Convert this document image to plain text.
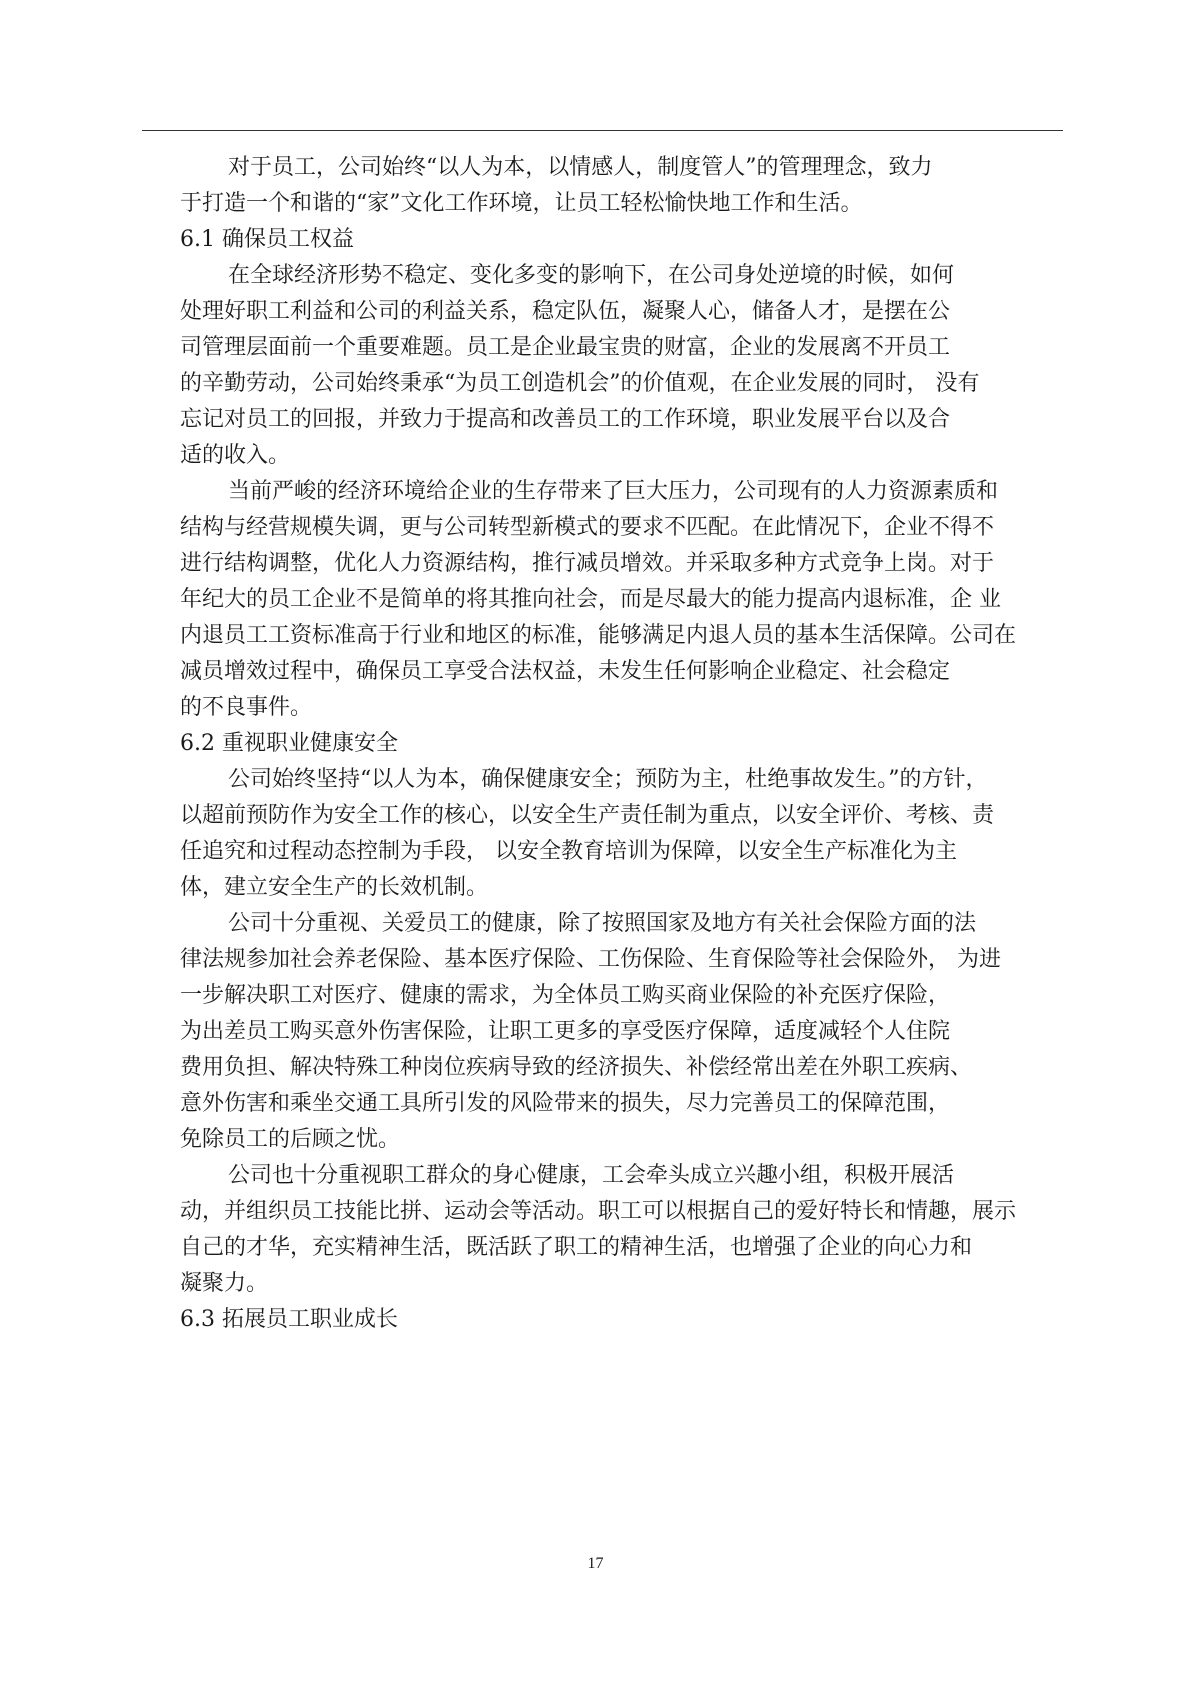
对于员工，公司始终“以人为本，以情感人，制度管人”的管理理念，致力
于打造一个和谐的“家”文化工作环境，让员工轻松愉快地工作和生活。
6.1 确保员工权益
在全球经济形势不稳定、变化多变的影响下，在公司身处逆境的时候，如何
处理好职工利益和公司的利益关系，稳定队伍，凝聚人心，储备人才，是摆在公
司管理层面前一个重要难题。员工是企业最宝贵的财富，企业的发展离不开员工
的辛勤劳动，公司始终秉承“为员工创造机会”的价值观，在企业发展的同时， 没有
忘记对员工的回报，并致力于提高和改善员工的工作环境，职业发展平台以及合
适的收入。
当前严峻的经济环境给企业的生存带来了巨大压力，公司现有的人力资源素质和
结构与经营规模失调，更与公司转型新模式的要求不匹配。在此情况下，企业不得不
进行结构调整，优化人力资源结构，推行减员增效。并采取多种方式竞争上岗。对于
年纪大的员工企业不是简单的将其推向社会，而是尽最大的能力提高内退标准，企 业
内退员工工资标准高于行业和地区的标准，能够满足内退人员的基本生活保障。公司在
减员增效过程中，确保员工享受合法权益，未发生任何影响企业稳定、社会稳定
的不良事件。
6.2 重视职业健康安全
公司始终坚持“以人为本，确保健康安全；预防为主，杜绝事故发生。”的方针，
以超前预防作为安全工作的核心，以安全生产责任制为重点，以安全评价、考核、责
任追究和过程动态控制为手段， 以安全教育培训为保障，以安全生产标准化为主
体，建立安全生产的长效机制。
公司十分重视、关爱员工的健康，除了按照国家及地方有关社会保险方面的法
律法规参加社会养老保险、基本医疗保险、工伤保险、生育保险等社会保险外， 为进
一步解决职工对医疗、健康的需求，为全体员工购买商业保险的补充医疗保险，
为出差员工购买意外伤害保险，让职工更多的享受医疗保障，适度减轻个人住院
费用负担、解决特殊工种岗位疾病导致的经济损失、补偿经常出差在外职工疾病、
意外伤害和乘坐交通工具所引发的风险带来的损失，尽力完善员工的保障范围，
免除员工的后顾之忧。
公司也十分重视职工群众的身心健康，工会牵头成立兴趣小组，积极开展活
动，并组织员工技能比拼、运动会等活动。职工可以根据自己的爱好特长和情趣，展示
自己的才华，充实精神生活，既活跃了职工的精神生活，也增强了企业的向心力和
凝聚力。
6.3 拓展员工职业成长
17
